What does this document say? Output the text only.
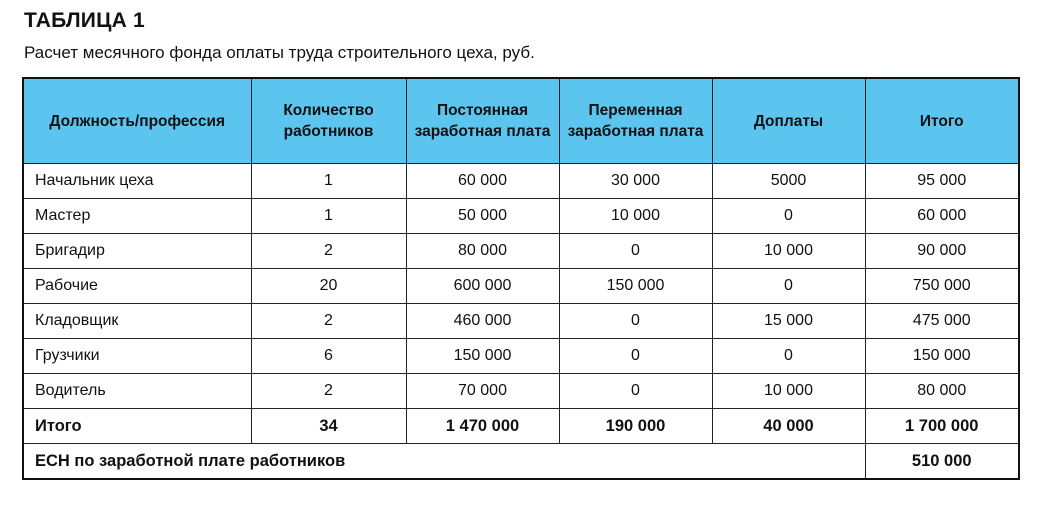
ТАБЛИЦА 1
Расчет месячного фонда оплаты труда строительного цеха, руб.
Должность/профессия	Количество работников	Постоянная заработная плата	Переменная заработная плата	Доплаты	Итого
Начальник цеха	1	60 000	30 000	5000	95 000
Мастер	1	50 000	10 000	0	60 000
Бригадир	2	80 000	0	10 000	90 000
Рабочие	20	600 000	150 000	0	750 000
Кладовщик	2	460 000	0	15 000	475 000
Грузчики	6	150 000	0	0	150 000
Водитель	2	70 000	0	10 000	80 000
Итого	34	1 470 000	190 000	40 000	1 700 000
ЕСН по заработной плате работников					510 000
